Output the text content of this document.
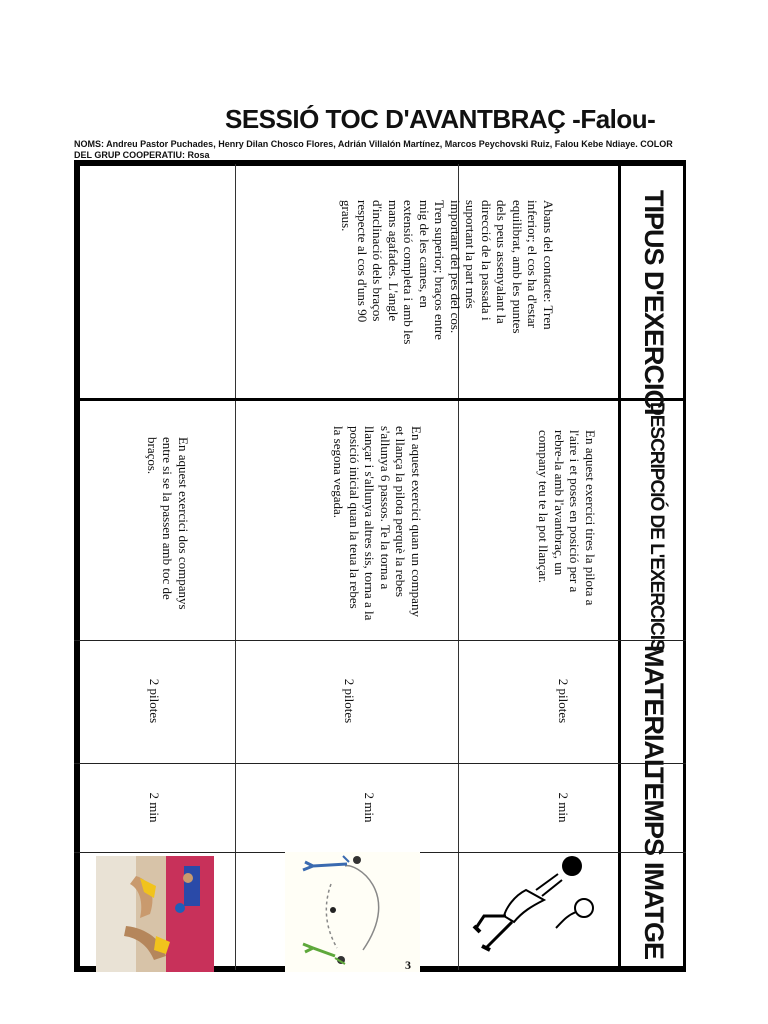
SESSIÓ TOC D'AVANTBRAÇ -Falou-
NOMS: Andreu Pastor Puchades, Henry Dilan Chosco Flores, Adrián Villalón Martínez, Marcos Peychovski Ruiz, Falou Kebe Ndiaye. COLOR DEL GRUP COOPERATIU: Rosa
TIPUS D'EXERCICI
DESCRIPCIÓ DE L'EXERCICIS
MATERIAL
TEMPS
IMATGE
Abans del contacte: Tren inferior; el cos ha d'estar equilibrat, amb les puntes dels peus assenyalant la direcció de la passada i suportant la part més important del pes del cos. Tren superior; braços entre mig de les cames, en extensió completa i amb les mans agafades. L'angle d'inclinació dels braços respecte al cos d'uns 90 graus.
En aquest exercici tires la pilota a l'aire i et poses en posició per a rebre-la amb l'avantbraç, un company teu te la pot llançar.
2 pilotes
2 min
En aquest exercici quan un company et llança la pilota perquè la rebes s'allunya 6 passos. Te la torna a llançar i s'allunya altres sis, torna a la posició inicial quan la teua la rebes la segona vegada.
2 pilotes
2 min
En aquest exercici dos companys entre si se la passen amb toc de braços.
2 pilotes
2 min
3
